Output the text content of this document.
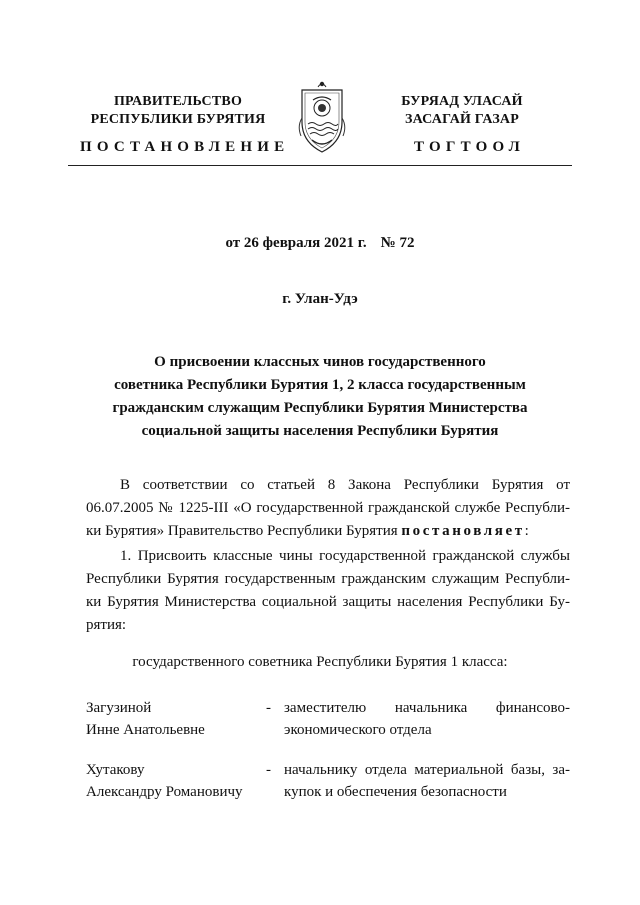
ПРАВИТЕЛЬСТВО
РЕСПУБЛИКИ БУРЯТИЯ
БУРЯАД УЛАСАЙ
ЗАСАГАЙ ГАЗАР
ПОСТАНОВЛЕНИЕ	ТОГТООЛ
от 26 февраля 2021 г. № 72
г. Улан-Удэ
О присвоении классных чинов государственного
советника Республики Бурятия 1, 2 класса государственным
гражданским служащим Республики Бурятия Министерства
социальной защиты населения Республики Бурятия
В соответствии со статьей 8 Закона Республики Бурятия от
06.07.2005 № 1225-III «О государственной гражданской службе Республи-
ки Бурятия» Правительство Республики Бурятия постановляет:
1. Присвоить классные чины государственной гражданской службы
Республики Бурятия государственным гражданским служащим Республи-
ки Бурятия Министерства социальной защиты населения Республики Бу-
рятия:
государственного советника Республики Бурятия 1 класса:
Загузиной
Инне Анатольевне
- заместителю начальника финансово-
экономического отдела
Хутакову
Александру Романовичу
- начальнику отдела материальной базы, за-
купок и обеспечения безопасности
